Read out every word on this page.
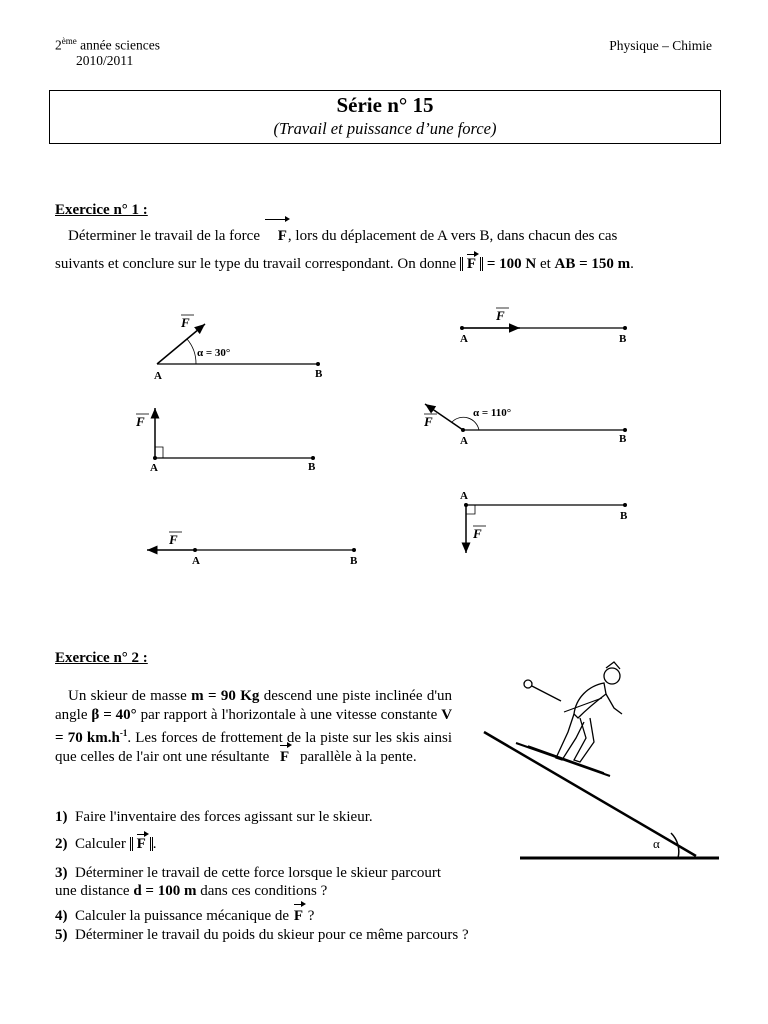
2ème année sciences
2010/2011
Physique – Chimie
Série n° 15
(Travail et puissance d’une force)
Exercice n° 1 :
Déterminer le travail de la force F, lors du déplacement de A vers B, dans chacun des cas
suivants et conclure sur le type du travail correspondant. On donne F = 100 N et AB = 150 m.
A	B
F
α = 30°
A	B
F
A	B
F
A	B
F
α = 110°
A
B
F
A	B
F
Exercice n° 2 :
Un skieur de masse m = 90 Kg descend une piste inclinée d'un angle β = 40° par rapport à l'horizontale à une vitesse constante V = 70 $km.h^{-1}$. Les forces de frottement de la piste sur les skis ainsi que celles de l'air ont une résultante F parallèle à la pente.
α
1) Faire l'inventaire des forces agissant sur le skieur.
2) Calculer F .
3) Déterminer le travail de cette force lorsque le skieur parcourt une distance d = 100 m dans ces conditions ?
4) Calculer la puissance mécanique de F ?
5) Déterminer le travail du poids du skieur pour ce même parcours ?
